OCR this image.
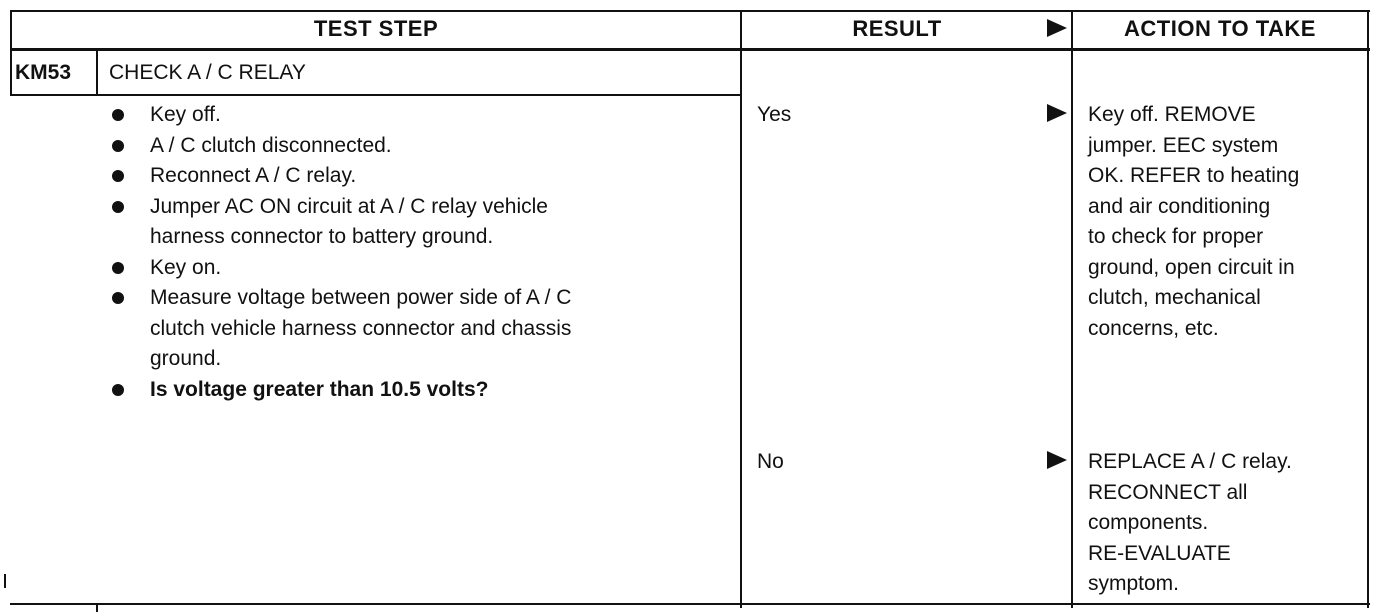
TEST STEP	RESULT	ACTION TO TAKE
KM53 CHECK A / C RELAY
Key off.
A / C clutch disconnected.
Reconnect A / C relay.
Jumper AC ON circuit at A / C relay vehicle
harness connector to battery ground.
Key on.
Measure voltage between power side of A / C
clutch vehicle harness connector and chassis
ground.
Is voltage greater than 10.5 volts?
Yes	Key off. REMOVE
jumper. EEC system
OK. REFER to heating
and air conditioning
to check for proper
ground, open circuit in
clutch, mechanical
concerns, etc.
No	REPLACE A / C relay.
RECONNECT all
components.
RE-EVALUATE
symptom.
